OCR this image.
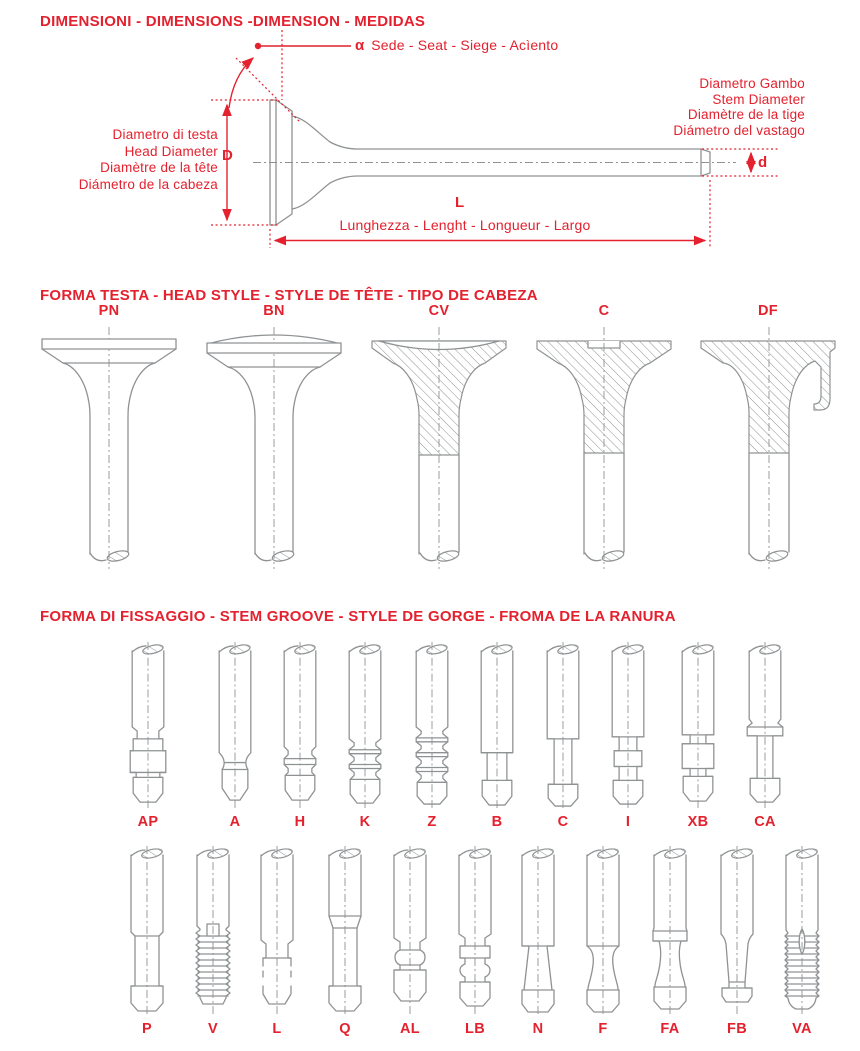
DIMENSIONI - DIMENSIONS -DIMENSION - MEDIDAS
α Sede - Seat - Siege - Acìento
Diametro Gambo
Stem Diameter
Diamètre de la tige
Diámetro del vastago
Diametro di testa
Head Diameter
Diamètre de la tête
Diámetro de la cabeza
D
L
Lunghezza - Lenght - Longueur - Largo
d
FORMA TESTA - HEAD STYLE - STYLE DE TÊTE - TIPO DE CABEZA
PN	BN	CV	C	DF
FORMA DI FISSAGGIO - STEM GROOVE - STYLE DE GORGE - FROMA DE LA RANURA
AP	A	H	K	Z	B	C	I	XB	CA
P	V	L	Q	AL	LB	N	F	FA	FB	VA
